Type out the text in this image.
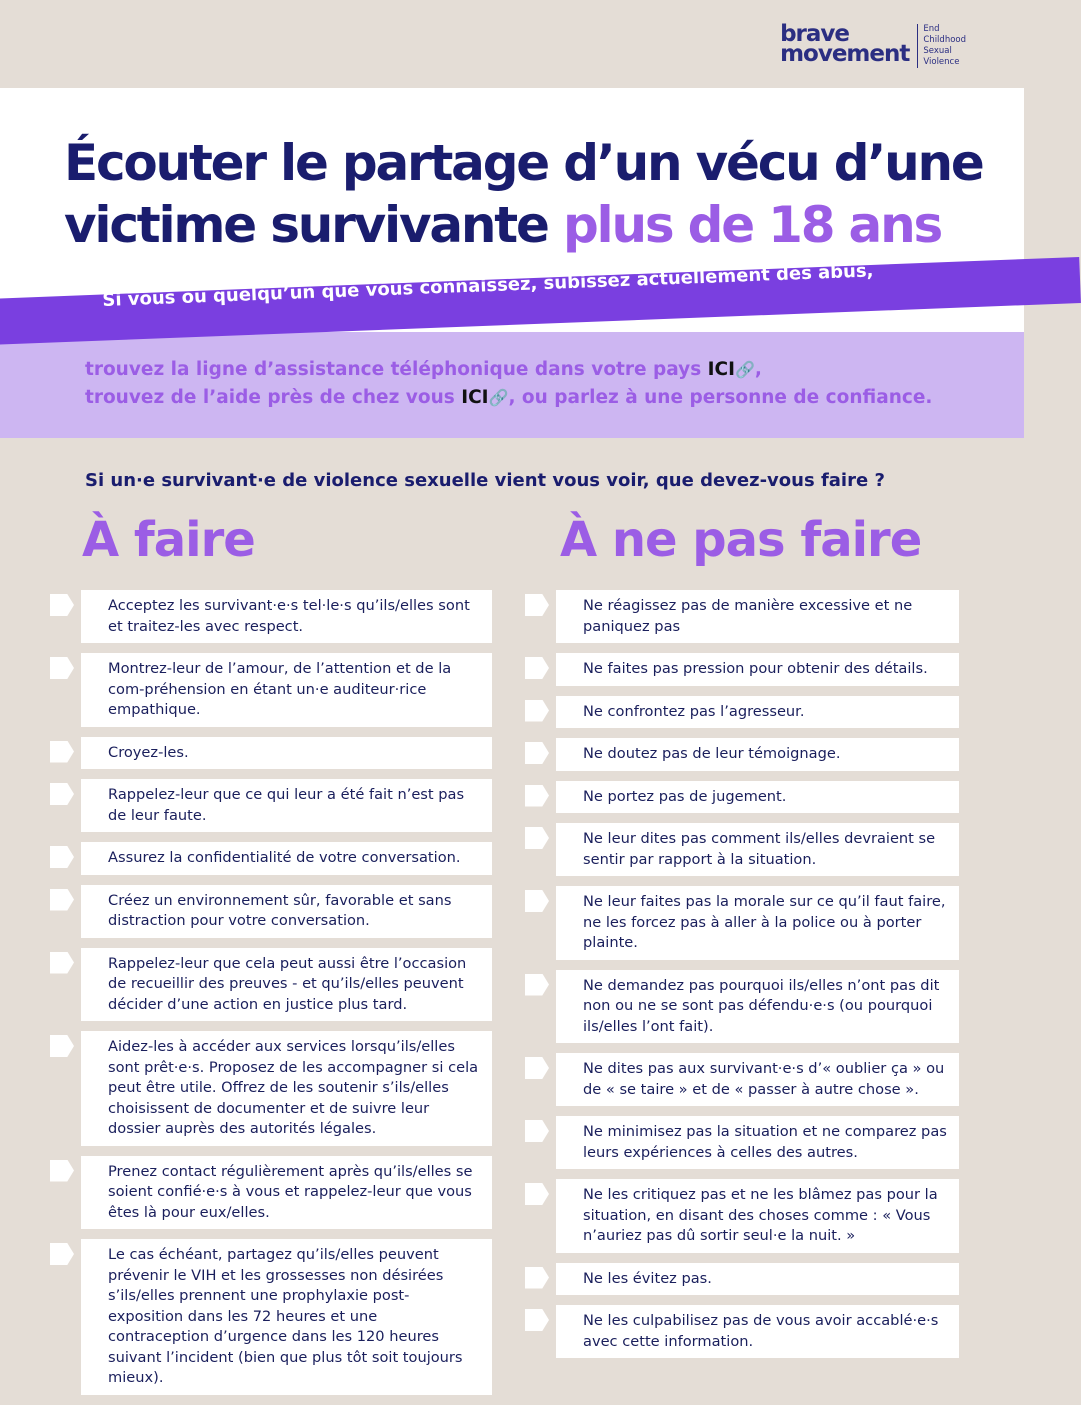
brave
movement
End
Childhood
Sexual
Violence
Écouter le partage d’un vécu d’une
victime survivante plus de 18 ans
Si vous ou quelqu’un que vous connaissez, subissez actuellement des abus,
trouvez la ligne d’assistance téléphonique dans votre pays ICI🔗,
trouvez de l’aide près de chez vous ICI🔗, ou parlez à une personne de confiance.
Si un·e survivant·e de violence sexuelle vient vous voir, que devez-vous faire ?
À faire	À ne pas faire
Acceptez les survivant·e·s tel·le·s qu’ils/elles sont et traitez-les avec respect.
Montrez-leur de l’amour, de l’attention et de la com-préhension en étant un·e auditeur·rice empathique.
Croyez-les.
Rappelez-leur que ce qui leur a été fait n’est pas de leur faute.
Assurez la confidentialité de votre conversation.
Créez un environnement sûr, favorable et sans distraction pour votre conversation.
Rappelez-leur que cela peut aussi être l’occasion de recueillir des preuves - et qu’ils/elles peuvent décider d’une action en justice plus tard.
Aidez-les à accéder aux services lorsqu’ils/elles sont prêt·e·s. Proposez de les accompagner si cela peut être utile. Offrez de les soutenir s’ils/elles choisissent de documenter et de suivre leur dossier auprès des autorités légales.
Prenez contact régulièrement après qu’ils/elles se soient confié·e·s à vous et rappelez-leur que vous êtes là pour eux/elles.
Le cas échéant, partagez qu’ils/elles peuvent prévenir le VIH et les grossesses non désirées s’ils/elles prennent une prophylaxie post-exposition dans les 72 heures et une contraception d’urgence dans les 120 heures suivant l’incident (bien que plus tôt soit toujours mieux).
Ne réagissez pas de manière excessive et ne paniquez pas
Ne faites pas pression pour obtenir des détails.
Ne confrontez pas l’agresseur.
Ne doutez pas de leur témoignage.
Ne portez pas de jugement.
Ne leur dites pas comment ils/elles devraient se sentir par rapport à la situation.
Ne leur faites pas la morale sur ce qu’il faut faire, ne les forcez pas à aller à la police ou à porter plainte.
Ne demandez pas pourquoi ils/elles n’ont pas dit non ou ne se sont pas défendu·e·s (ou pourquoi ils/elles l’ont fait).
Ne dites pas aux survivant·e·s d’« oublier ça » ou de « se taire » et de « passer à autre chose ».
Ne minimisez pas la situation et ne comparez pas leurs expériences à celles des autres.
Ne les critiquez pas et ne les blâmez pas pour la situation, en disant des choses comme : « Vous n’auriez pas dû sortir seul·e la nuit. »
Ne les évitez pas.
Ne les culpabilisez pas de vous avoir accablé·e·s avec cette information.
